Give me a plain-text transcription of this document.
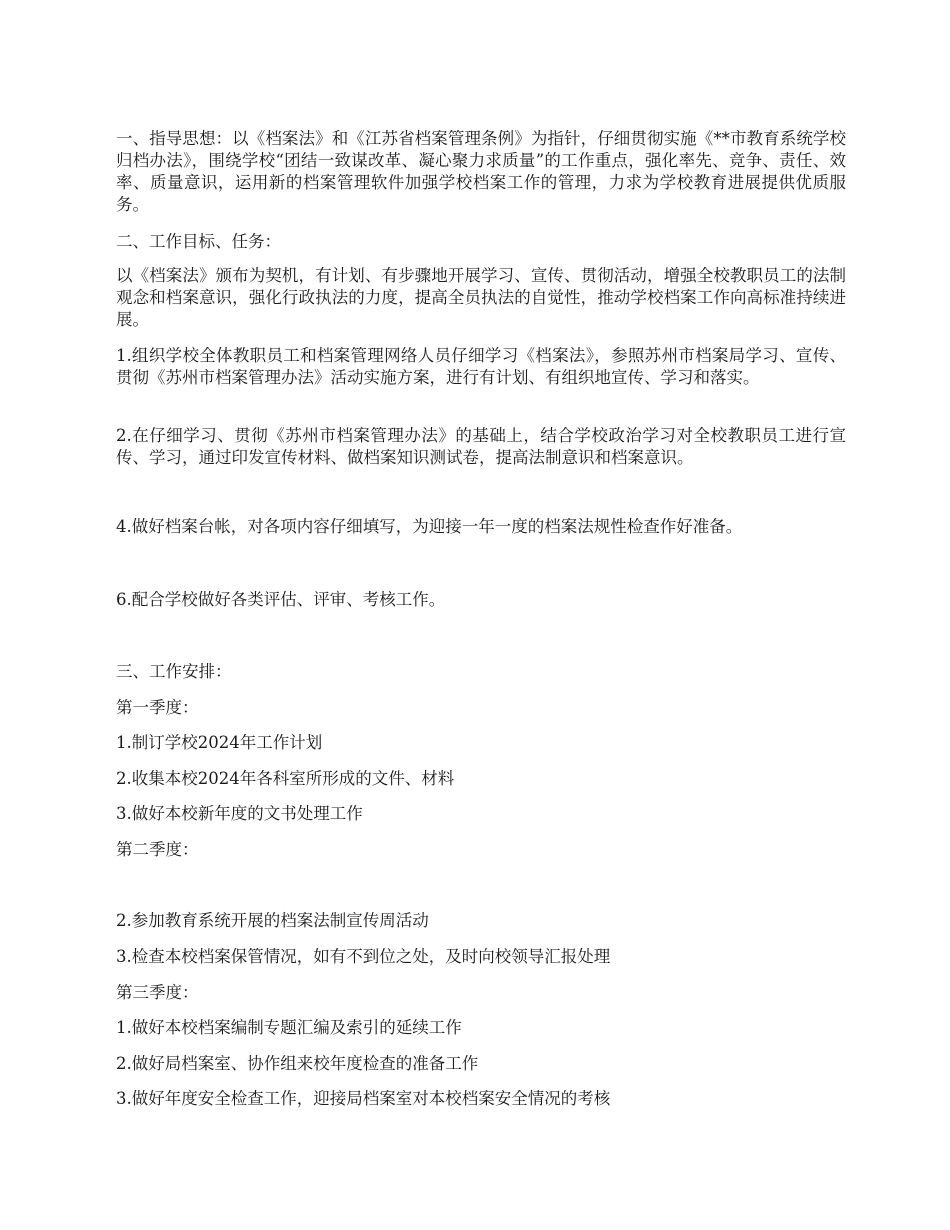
一、指导思想：以《档案法》和《江苏省档案管理条例》为指针，仔细贯彻实施《**市教育系统学校归档办法》，围绕学校“团结一致谋改革、凝心聚力求质量”的工作重点，强化率先、竞争、责任、效率、质量意识，运用新的档案管理软件加强学校档案工作的管理，力求为学校教育进展提供优质服务。

二、工作目标、任务：

以《档案法》颁布为契机，有计划、有步骤地开展学习、宣传、贯彻活动，增强全校教职员工的法制观念和档案意识，强化行政执法的力度，提高全员执法的自觉性，推动学校档案工作向高标准持续进展。

1.组织学校全体教职员工和档案管理网络人员仔细学习《档案法》，参照苏州市档案局学习、宣传、贯彻《苏州市档案管理办法》活动实施方案，进行有计划、有组织地宣传、学习和落实。

2.在仔细学习、贯彻《苏州市档案管理办法》的基础上，结合学校政治学习对全校教职员工进行宣传、学习，通过印发宣传材料、做档案知识测试卷，提高法制意识和档案意识。

4.做好档案台帐，对各项内容仔细填写，为迎接一年一度的档案法规性检查作好准备。

6.配合学校做好各类评估、评审、考核工作。

三、工作安排：

第一季度：

1.制订学校2024年工作计划

2.收集本校2024年各科室所形成的文件、材料

3.做好本校新年度的文书处理工作

第二季度：

2.参加教育系统开展的档案法制宣传周活动

3.检查本校档案保管情况，如有不到位之处，及时向校领导汇报处理

第三季度：

1.做好本校档案编制专题汇编及索引的延续工作

2.做好局档案室、协作组来校年度检查的准备工作

3.做好年度安全检查工作，迎接局档案室对本校档案安全情况的考核
